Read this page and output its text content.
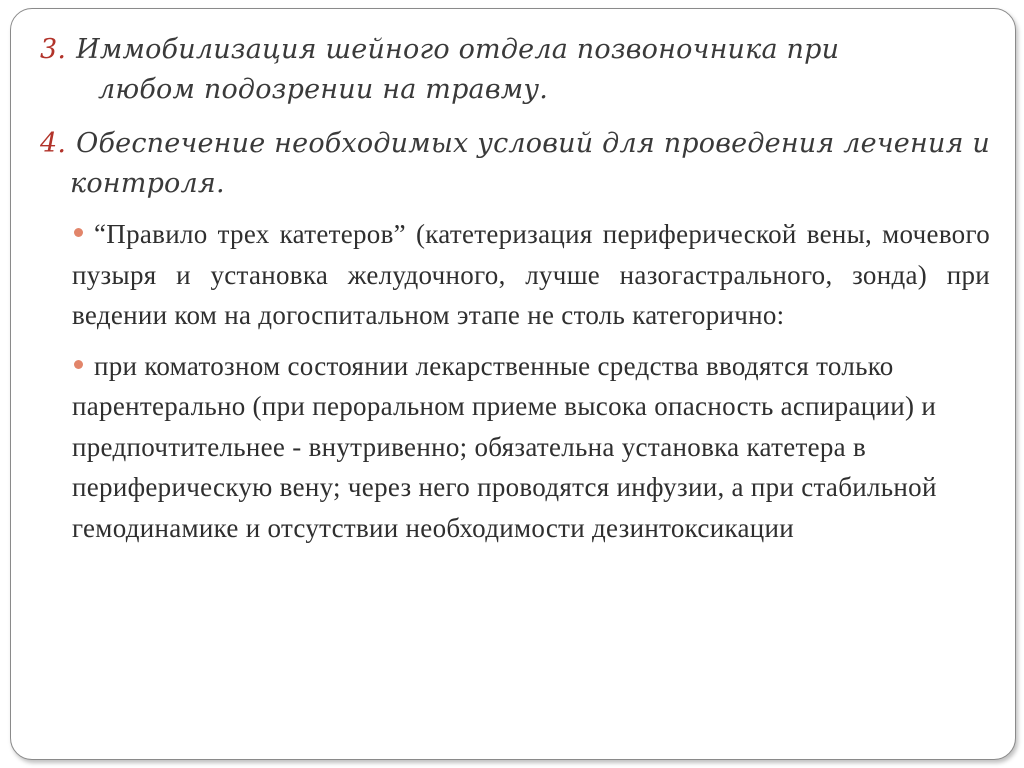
3. Иммобилизация шейного отдела позвоночника при
любом подозрении на травму.

4. Обеспечение необходимых условий для проведения лечения и контроля.

“Правило трех катетеров” (катетеризация периферической вены, мочевого пузыря и установка желудочного, лучше назогастрального, зонда) при ведении ком на догоспитальном этапе не столь категорично:
при коматозном состоянии лекарственные средства вводятся только парентерально (при пероральном приеме высока опасность аспирации) и предпочтительнее - внутривенно; обязательна установка катетера в периферическую вену; через него проводятся инфузии, а при стабильной гемодинамике и отсутствии необходимости дезинтоксикации
